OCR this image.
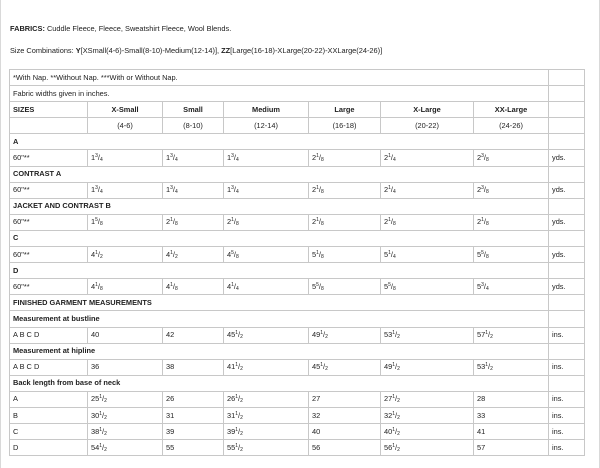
FABRICS: Cuddle Fleece, Fleece, Sweatshirt Fleece, Wool Blends.
Size Combinations: Y[XSmall(4-6)-Small(8-10)-Medium(12-14)], ZZ[Large(16-18)-XLarge(20-22)-XXLarge(24-26)]
*With Nap. **Without Nap. ***With or Without Nap.							
Fabric widths given in inches.							
SIZES	X-Small	Small	Medium	Large	X-Large	XX-Large	
	(4-6)	(8-10)	(12-14)	(16-18)	(20-22)	(24-26)	
A							
60"**	$1^3/_4$	$1^3/_4$	$1^3/_4$	$2^1/_8$	$2^1/_4$	$2^3/_8$	yds.
CONTRAST A							
60"**	$1^3/_4$	$1^3/_4$	$1^3/_4$	$2^1/_8$	$2^1/_4$	$2^3/_8$	yds.
JACKET AND CONTRAST B							
60"**	$1^5/_8$	$2^1/_8$	$2^1/_8$	$2^1/_8$	$2^1/_8$	$2^1/_8$	yds.
C							
60"**	$4^1/_2$	$4^1/_2$	$4^5/_8$	$5^1/_8$	$5^1/_4$	$5^5/_8$	yds.
D							
60"**	$4^1/_8$	$4^1/_8$	$4^1/_4$	$5^5/_8$	$5^5/_8$	$5^3/_4$	yds.
FINISHED GARMENT MEASUREMENTS							
Measurement at bustline							
A B C D	40	42	$45^1/_2$	$49^1/_2$	$53^1/_2$	$57^1/_2$	ins.
Measurement at hipline							
A B C D	36	38	$41^1/_2$	$45^1/_2$	$49^1/_2$	$53^1/_2$	ins.
Back length from base of neck							
A	$25^1/_2$	26	$26^1/_2$	27	$27^1/_2$	28	ins.
B	$30^1/_2$	31	$31^1/_2$	32	$32^1/_2$	33	ins.
C	$38^1/_2$	39	$39^1/_2$	40	$40^1/_2$	41	ins.
D	$54^1/_2$	55	$55^1/_2$	56	$56^1/_2$	57	ins.
